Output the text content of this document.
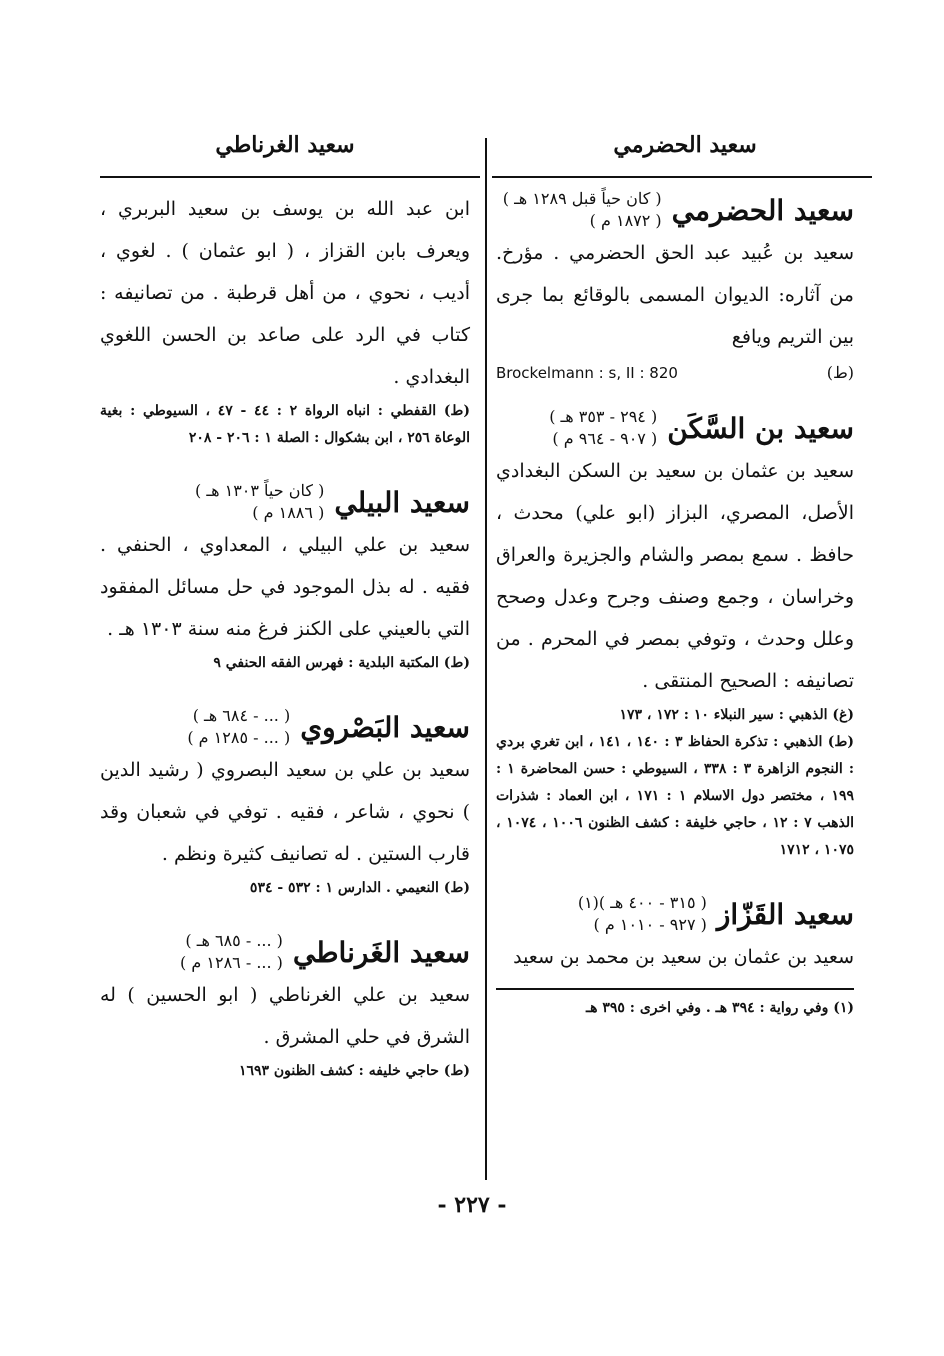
سعيد الحضرمي
سعيد الغرناطي
سعيد الحضرمي
( كان حياً قبل ١٢٨٩ هـ )
( ١٨٧٢ م )
سعيد بن عُبيد عبد الحق الحضرمي . مؤرخ. من آثاره: الديوان المسمى بالوقائع بما جرى بين التريم ويافع
Brockelmann : s, II : 820	(ط)
سعيد بن السَّكَن
( ٢٩٤ - ٣٥٣ هـ )
( ٩٠٧ - ٩٦٤ م )
سعيد بن عثمان بن سعيد بن السكن البغدادي الأصل، المصري، البزاز (ابو علي) محدث ، حافظ . سمع بمصر والشام والجزيرة والعراق وخراسان ، وجمع وصنف وجرح وعدل وصحح وعلل وحدث ، وتوفي بمصر في المحرم . من تصانيفه : الصحيح المنتقى .
(غ) الذهبي : سير النبلاء ١٠ : ١٧٢ ، ١٧٣
(ط) الذهبي : تذكرة الحفاظ ٣ : ١٤٠ ، ١٤١ ، ابن تغري بردي : النجوم الزاهرة ٣ : ٣٣٨ ، السيوطي : حسن المحاضرة ١ : ١٩٩ ، مختصر دول الاسلام ١ : ١٧١ ، ابن العماد : شذرات الذهب ٧ : ١٢ ، حاجي خليفة : كشف الظنون ١٠٠٦ ، ١٠٧٤ ، ١٠٧٥ ، ١٧١٢
سعيد القَزّاز
( ٣١٥ - ٤٠٠ هـ )(١)
( ٩٢٧ - ١٠١٠ م )
سعيد بن عثمان بن سعيد بن محمد بن سعيد
(١) وفي رواية : ٣٩٤ هـ . وفي اخرى : ٣٩٥ هـ
ابن عبد الله بن يوسف بن سعيد البربري ، ويعرف بابن القزاز ، ( ابو عثمان ) . لغوي ، أديب ، نحوي ، من أهل قرطبة . من تصانيفه : كتاب في الرد على صاعد بن الحسن اللغوي البغدادي .
(ط) القفطي : انباه الرواة ٢ : ٤٤ - ٤٧ ، السيوطي : بغية الوعاة ٢٥٦ ، ابن بشكوال : الصلة ١ : ٢٠٦ - ٢٠٨
سعيد البيلي
( كان حياً ١٣٠٣ هـ )
( ١٨٨٦ م )
سعيد بن علي البيلي ، المعداوي ، الحنفي . فقيه . له بذل الموجود في حل مسائل المفقود التي بالعيني على الكنز فرغ منه سنة ١٣٠٣ هـ .
(ط) المكتبة البلدية : فهرس الفقه الحنفي ٩
سعيد البَصْروي
( ... - ٦٨٤ هـ )
( ... - ١٢٨٥ م )
سعيد بن علي بن سعيد البصروي ( رشيد الدين ) نحوي ، شاعر ، فقيه . توفي في شعبان وقد قارب الستين . له تصانيف كثيرة ونظم .
(ط) النعيمي . الدارس ١ : ٥٣٢ - ٥٣٤
سعيد الغَرناطي
( ... - ٦٨٥ هـ )
( ... - ١٢٨٦ م )
سعيد بن علي الغرناطي ( ابو الحسين ) له الشرق في حلي المشرق .
(ط) حاجي خليفه : كشف الظنون ١٦٩٣
- ٢٢٧ -
